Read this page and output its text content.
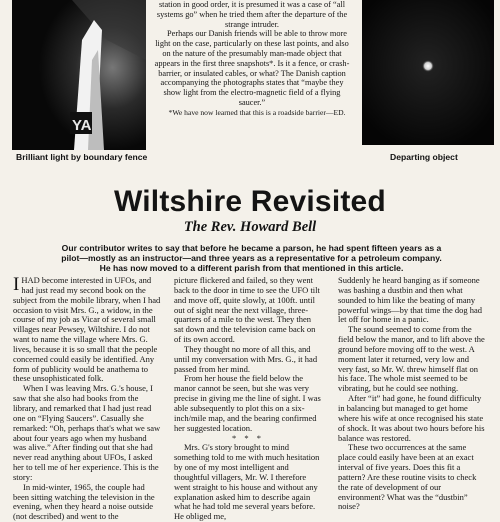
YA
Brilliant light by boundary fence	Departing object

station in good order, it is presumed it was a case of “all systems go” when he tried them after the departure of the strange intruder.

Perhaps our Danish friends will be able to throw more light on the case, particularly on these last points, and also on the nature of the presumably man-made object that appears in the first three snapshots*. Is it a fence, or crash-barrier, or insulated cables, or what? The Danish caption accompanying the photographs states that “maybe they show light from the electro-magnetic field of a flying saucer.”

*We have now learned that this is a roadside barrier—ED.

Wiltshire Revisited
The Rev. Howard Bell
Our contributor writes to say that before he became a parson, he had spent fifteen years as a pilot—mostly as an instructor—and three years as a representative for a petroleum company. He has now moved to a different parish from that mentioned in this article.

IHAD become interested in UFOs, and had just read my second book on the subject from the mobile library, when I had occasion to visit Mrs. G., a widow, in the course of my job as Vicar of several small villages near Pewsey, Wiltshire. I do not want to name the village where Mrs. G. lives, because it is so small that the people concerned could easily be identified. Any form of publicity would be anathema to these unsophisticated folk.

When I was leaving Mrs. G.'s house, I saw that she also had books from the library, and remarked that I had just read one on “Flying Saucers”. Casually she remarked: “Oh, perhaps that's what we saw about four years ago when my husband was alive.” After finding out that she had never read anything about UFOs, I asked her to tell me of her experience. This is the story:

In mid-winter, 1965, the couple had been sitting watching the television in the evening, when they heard a noise outside (not described) and went to the

picture flickered and failed, so they went back to the door in time to see the UFO tilt and move off, quite slowly, at 100ft. until out of sight near the next village, three-quarters of a mile to the west. They then sat down and the television came back on of its own accord.

They thought no more of all this, and until my conversation with Mrs. G., it had passed from her mind.

From her house the field below the manor cannot be seen, but she was very precise in giving me the line of sight. I was able subsequently to plot this on a six-inch/mile map, and the bearing confirmed her suggested location.

* * *

Mrs. G's story brought to mind something told to me with much hesitation by one of my most intelligent and thoughtful villagers, Mr. W. I therefore went straight to his house and without any explanation asked him to describe again what he had told me several years before. He obliged me,

Suddenly he heard banging as if someone was bashing a dustbin and then what sounded to him like the beating of many powerful wings—by that time the dog had let off for home in a panic.

The sound seemed to come from the field below the manor, and to lift above the ground before moving off to the west. A moment later it returned, very low and very fast, so Mr. W. threw himself flat on his face. The whole mist seemed to be vibrating, but he could see nothing.

After “it” had gone, he found difficulty in balancing but managed to get home where his wife at once recognised his state of shock. It was about two hours before his balance was restored.

These two occurrences at the same place could easily have been at an exact interval of five years. Does this fit a pattern? Are these routine visits to check the rate of development of our environment? What was the “dustbin” noise?
